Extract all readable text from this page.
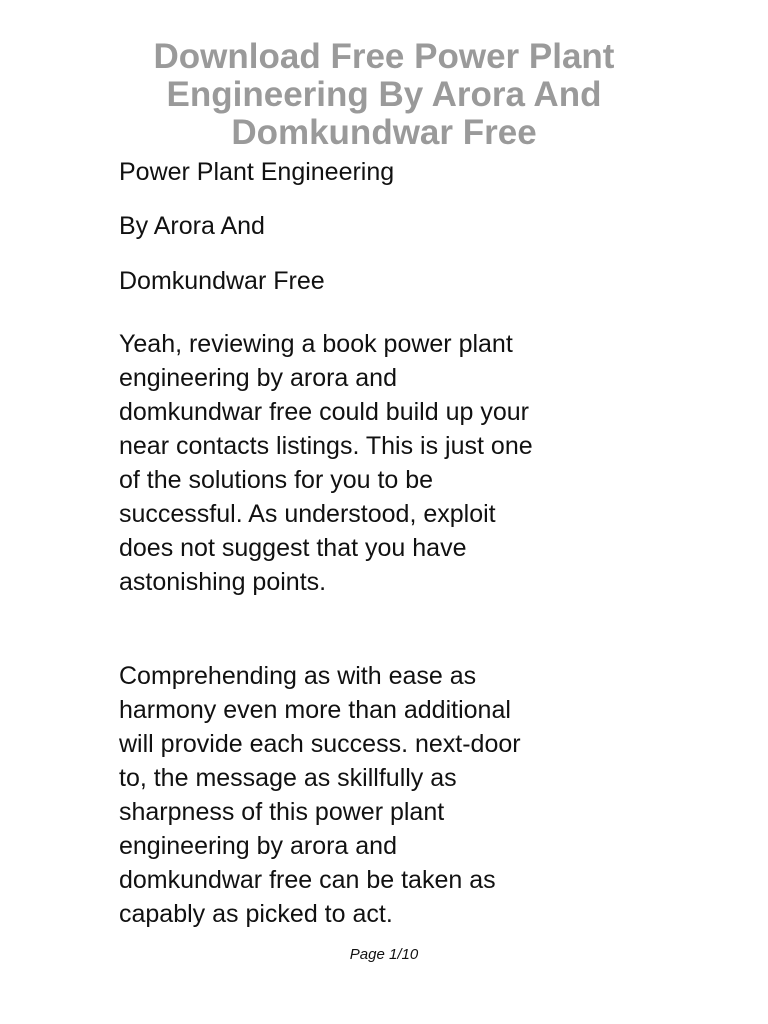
Download Free Power Plant
Engineering By Arora And
Domkundwar Free
Power Plant Engineering
By Arora And
Domkundwar Free

Yeah, reviewing a book power plant
engineering by arora and
domkundwar free could build up your
near contacts listings. This is just one
of the solutions for you to be
successful. As understood, exploit
does not suggest that you have
astonishing points.

Comprehending as with ease as
harmony even more than additional
will provide each success. next-door
to, the message as skillfully as
sharpness of this power plant
engineering by arora and
domkundwar free can be taken as
capably as picked to act.

Page 1/10
